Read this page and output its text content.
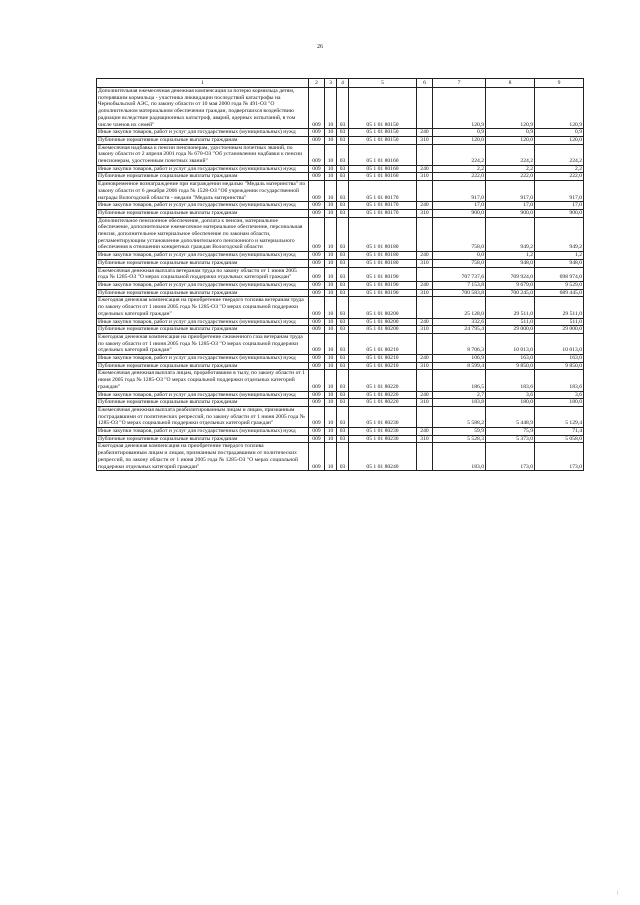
26
1	2	3	4	5	6	7	8	9
Дополнительная ежемесячная денежная компенсация за потерю кормильца детям, потерявшим кормильца - участника ликвидации последствий катастрофы на Чернобыльской АЭС, по закону области от 10 мая 2000 года № 491-ОЗ "О дополнительном материальном обеспечении граждан, подвергшихся воздействию радиации вследствие радиационных катастроф, аварий, ядерных испытаний, в том числе членов их семей"	009	10	03	05 1 01 80150		120,9	120,9	120,9
Иные закупки товаров, работ и услуг для государственных (муниципальных) нужд	009	10	03	05 1 01 80150	240	0,9	0,9	0,9
Публичные нормативные социальные выплаты гражданам	009	10	03	05 1 01 80150	310	120,0	120,0	120,0
Ежемесячная надбавка к пенсии пенсионерам, удостоенным почетных званий, по закону области от 2 апреля 2001 года № 670-ОЗ "Об установлении надбавки к пенсии пенсионерам, удостоенным почетных званий"	009	10	03	05 1 01 80160		224,2	224,2	224,2
Иные закупки товаров, работ и услуг для государственных (муниципальных) нужд	009	10	03	05 1 01 80160	240	2,2	2,2	2,2
Публичные нормативные социальные выплаты гражданам	009	10	03	05 1 01 80160	310	222,0	222,0	222,0
Единовременное вознаграждение при награждении медалью "Медаль материнства" по закону области от 6 декабря 2006 года № 1528-ОЗ "Об учреждении государственной награды Вологодской области - медали "Медаль материнства"	009	10	03	05 1 01 80170		917,0	917,0	917,0
Иные закупки товаров, работ и услуг для государственных (муниципальных) нужд	009	10	03	05 1 01 80170	240	17,0	17,0	17,0
Публичные нормативные социальные выплаты гражданам	009	10	03	05 1 01 80170	310	900,0	900,0	900,0
Дополнительное пенсионное обеспечение, доплата к пенсии, материальное обеспечение, дополнительное ежемесячное материальное обеспечение, персональная пенсия, дополнительное материальное обеспечение по законам области, регламентирующим установление дополнительного пенсионного и материального обеспечения в отношении конкретных граждан Вологодской области	009	10	03	05 1 01 80180		758,0	949,2	949,2
Иные закупки товаров, работ и услуг для государственных (муниципальных) нужд	009	10	03	05 1 01 80180	240	0,0	1,2	1,2
Публичные нормативные социальные выплаты гражданам	009	10	03	05 1 01 80180	310	758,0	948,0	948,0
Ежемесячная денежная выплата ветеранам труда по закону области от 1 июня 2005 года № 1285-ОЗ "О мерах социальной поддержки отдельных категорий граждан"	009	10	03	05 1 01 80190		707 737,6	709 924,0	698 974,0
Иные закупки товаров, работ и услуг для государственных (муниципальных) нужд	009	10	03	05 1 01 80190	240	7 153,8	9 679,0	9 529,0
Публичные нормативные социальные выплаты гражданам	009	10	03	05 1 01 80190	310	700 583,8	700 245,0	689 445,0
Ежегодная денежная компенсация на приобретение твердого топлива ветеранам труда по закону области от 1 июня 2005 года № 1285-ОЗ "О мерах социальной поддержки отдельных категорий граждан"	009	10	03	05 1 01 80200		25 128,0	29 511,0	29 511,0
Иные закупки товаров, работ и услуг для государственных (муниципальных) нужд	009	10	03	05 1 01 80200	240	332,6	511,0	511,0
Публичные нормативные социальные выплаты гражданам	009	10	03	05 1 01 80200	310	24 795,4	29 000,0	29 000,0
Ежегодная денежная компенсация на приобретение сжиженного газа ветеранам труда по закону области от 1 июня 2005 года № 1285-ОЗ "О мерах социальной поддержки отдельных категорий граждан"	009	10	03	05 1 01 80210		8 706,3	10 013,0	10 013,0
Иные закупки товаров, работ и услуг для государственных (муниципальных) нужд	009	10	03	05 1 01 80210	240	106,9	163,0	163,0
Публичные нормативные социальные выплаты гражданам	009	10	03	05 1 01 80210	310	8 599,4	9 850,0	9 850,0
Ежемесячная денежная выплата лицам, проработавшим в тылу, по закону области от 1 июня 2005 года № 1285-ОЗ "О мерах социальной поддержки отдельных категорий граждан"	009	10	03	05 1 01 80220		186,5	183,6	183,6
Иные закупки товаров, работ и услуг для государственных (муниципальных) нужд	009	10	03	05 1 01 80220	240	2,7	3,6	3,6
Публичные нормативные социальные выплаты гражданам	009	10	03	05 1 01 80220	310	183,8	180,0	180,0
Ежемесячная денежная выплата реабилитированным лицам и лицам, признанным пострадавшими от политических репрессий, по закону области от 1 июня 2005 года № 1285-ОЗ "О мерах социальной поддержки отдельных категорий граждан"	009	10	03	05 1 01 80230		5 588,2	5 448,9	5 129,4
Иные закупки товаров, работ и услуг для государственных (муниципальных) нужд	009	10	03	05 1 01 80230	240	59,9	75,9	71,4
Публичные нормативные социальные выплаты гражданам	009	10	03	05 1 01 80230	310	5 528,3	5 373,0	5 058,0
Ежегодная денежная компенсация на приобретение твердого топлива реабилитированным лицам и лицам, признанным пострадавшими от политических репрессий, по закону области от 1 июня 2005 года № 1285-ОЗ "О мерах социальной поддержки отдельных категорий граждан"	009	10	03	05 1 01 80240		183,0	173,0	173,0
|
